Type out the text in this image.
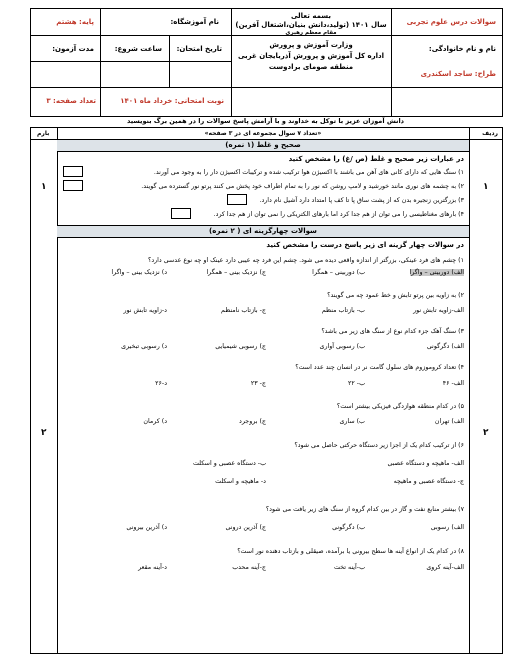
سوالات درس علوم تجربی
نام و نام خانوادگی:
طراح: ساجد اسکندری
بسمه تعالی
سال ۱۴۰۱ (تولید،دانش بنیان،اشتغال آفرین)
مقام معظم رهبری
وزارت آموزش و پرورش
اداره کل آموزش و پرورش آذربایجان غربی
منطقه صومای برادوست
نام آموزشگاه:
پایه: هشتم
تاریخ امتحان:
ساعت شروع:
مدت آزمون:
نوبت امتحانی: خرداد ماه ۱۴۰۱
تعداد صفحه: ۳
دانش آموزان عزیز با توکل به خداوند و با آرامش پاسخ سوالات را در همین برگ بنویسید
ردیف
«تعداد ۷ سوال مجموعه ای در ۳ صفحه»
بارم
صحیح و غلط (۱ نمره)
۱
۱
در عبارات زیر صحیح و غلط (ص /غ) را مشخص کنید
۱) سنگ هایی که دارای کانی های آهن می باشند با اکسیژن هوا ترکیب شده و ترکیبات اکسیژن دار را به وجود می آورند.
۲) به چشمه های نوری مانند خورشید و لامپ روشن که نور را به تمام اطراف خود پخش می کنند پرتو نور گسترده می گویند.
۳) بزرگترین زنجیره بدن که از پشت ساق پا تا کف پا امتداد دارد آشیل نام دارد.
۴) بارهای مغناطیسی را می توان از هم جدا کرد اما بارهای الکتریکی را نمی توان از هم جدا کرد.
سوالات چهارگزینه ای ( ۲ نمره)
۲
۲
در سوالات چهار گزینه ای زیر پاسخ درست را مشخص کنید
۱) چشم های فرد عینکی، بزرگتر از اندازه واقعی دیده می شود. چشم این فرد چه عیبی دارد عینک او چه نوع عدسی دارد؟
الف) دوربینی – واگرا
ب) دوربینی – همگرا
ج) نزدیک بینی – همگرا
د) نزدیک بینی – واگرا
۲) به زاویه بین پرتو تابش و خط عمود چه می گویند؟
الف-زاویه تابش نور
ب- بازتاب منظم
ج- بازتاب نامنظم
د-زاویه تابش نور
۳) سنگ آهک جزء کدام نوع از سنگ های زیر می باشد؟
الف) دگرگونی
ب) رسوبی آواری
ج) رسوبی شیمیایی
د) رسوبی تبخیری
۴) تعداد کروموزوم های سلول گامت نر در انسان چند عدد است؟
الف- ۴۶
ب- ۲۲
ج- ۲۳
د-۲۶
۵) در کدام منطقه هوازدگی فیزیکی بیشتر است؟
الف) تهران
ب) ساری
ج) بروجرد
د) کرمان
۶) از ترکیب کدام یک از اجزا زیر دستگاه حرکتی حاصل می شود؟
الف- ماهیچه و دستگاه عصبی
ب- دستگاه عصبی و اسکلت
ج- دستگاه عصبی و ماهیچه
د- ماهیچه و اسکلت
۷) بیشتر منابع نفت و گاز در بین کدام گروه از سنگ های زیر یافت می شود؟
الف) رسوبی
ب) دگرگونی
ج) آذرین درونی
د) آذرین بیرونی
۸) در کدام یک از انواع آینه ها سطح بیرونی یا برآمده، صیقلی و بازتاب دهنده نور است؟
الف-آینه کروی
ب-آینه تخت
ج-آینه محدب
د-آینه مقعر
